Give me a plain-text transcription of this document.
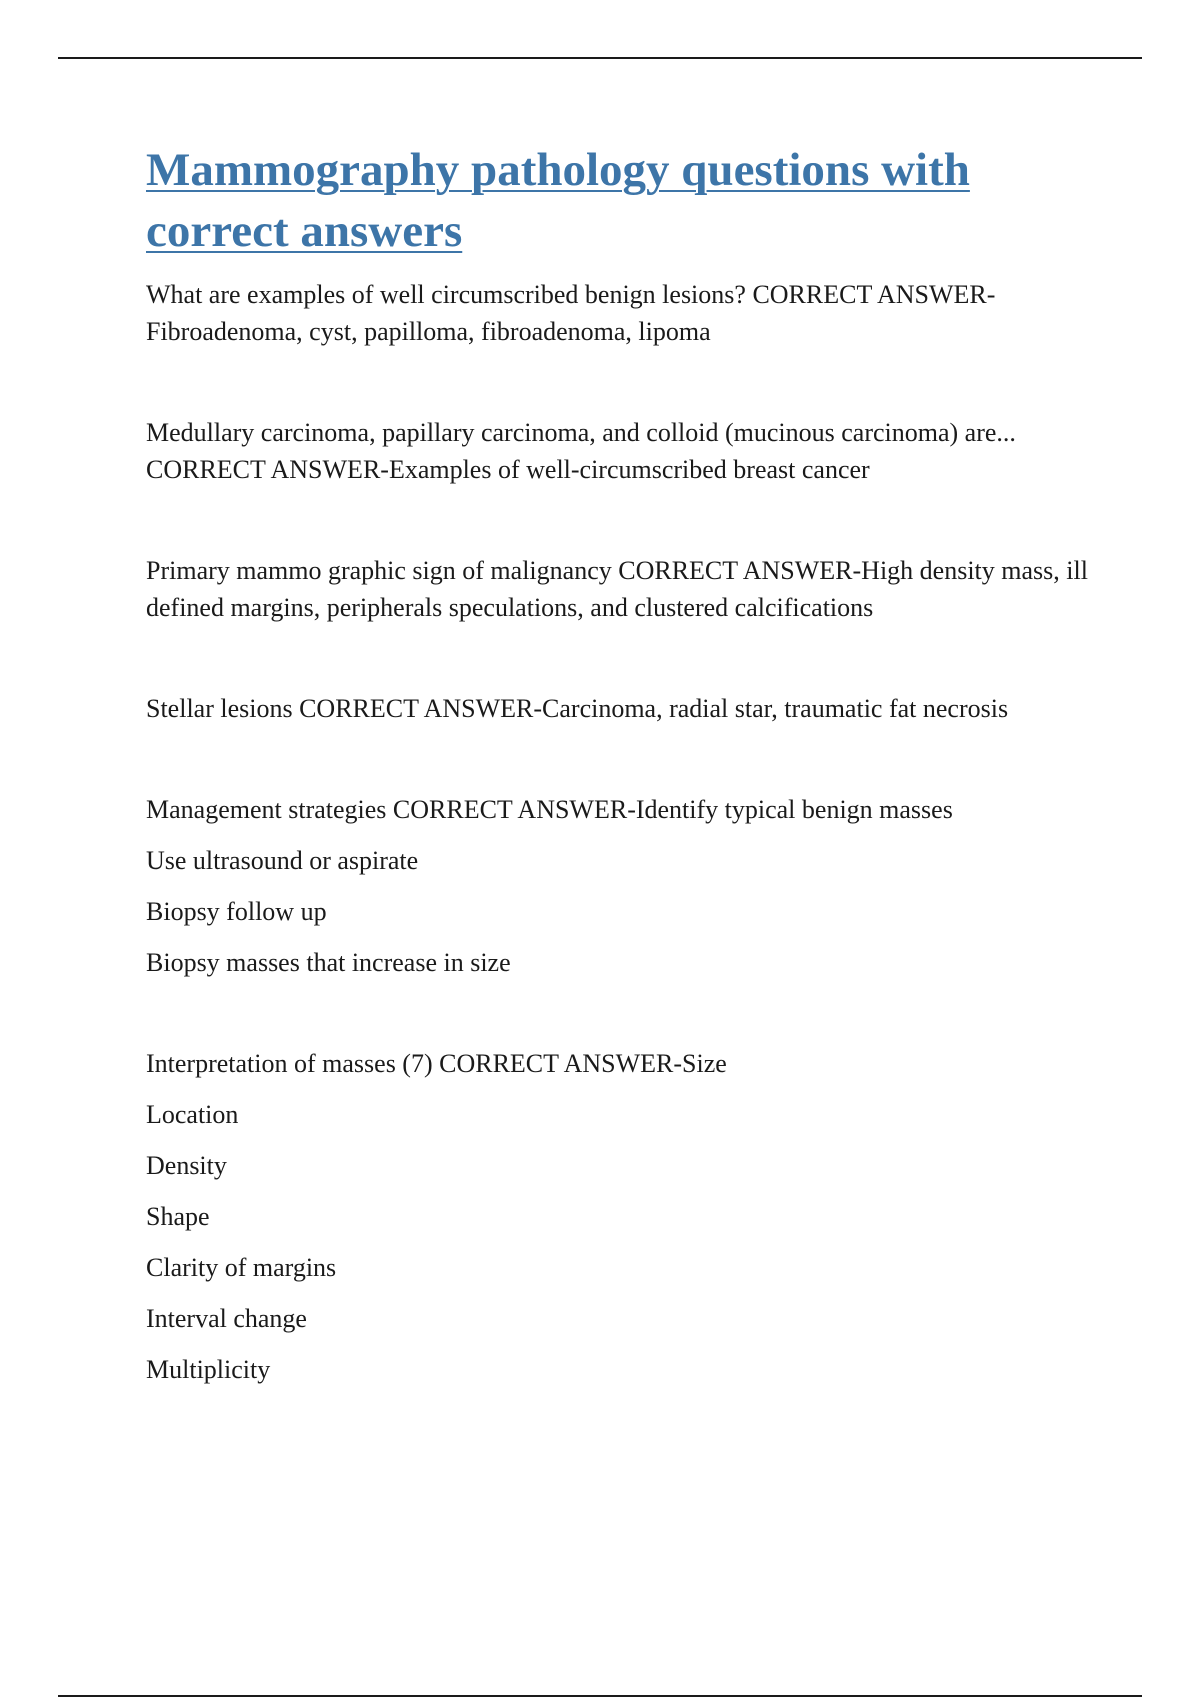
Mammography pathology questions with correct answers

What are examples of well circumscribed benign lesions? CORRECT ANSWER-Fibroadenoma, cyst, papilloma, fibroadenoma, lipoma

Medullary carcinoma, papillary carcinoma, and colloid (mucinous carcinoma) are... CORRECT ANSWER-Examples of well-circumscribed breast cancer

Primary mammo graphic sign of malignancy CORRECT ANSWER-High density mass, ill defined margins, peripherals speculations, and clustered calcifications

Stellar lesions CORRECT ANSWER-Carcinoma, radial star, traumatic fat necrosis

Management strategies CORRECT ANSWER-Identify typical benign masses

Use ultrasound or aspirate

Biopsy follow up

Biopsy masses that increase in size

Interpretation of masses (7) CORRECT ANSWER-Size

Location

Density

Shape

Clarity of margins

Interval change

Multiplicity
